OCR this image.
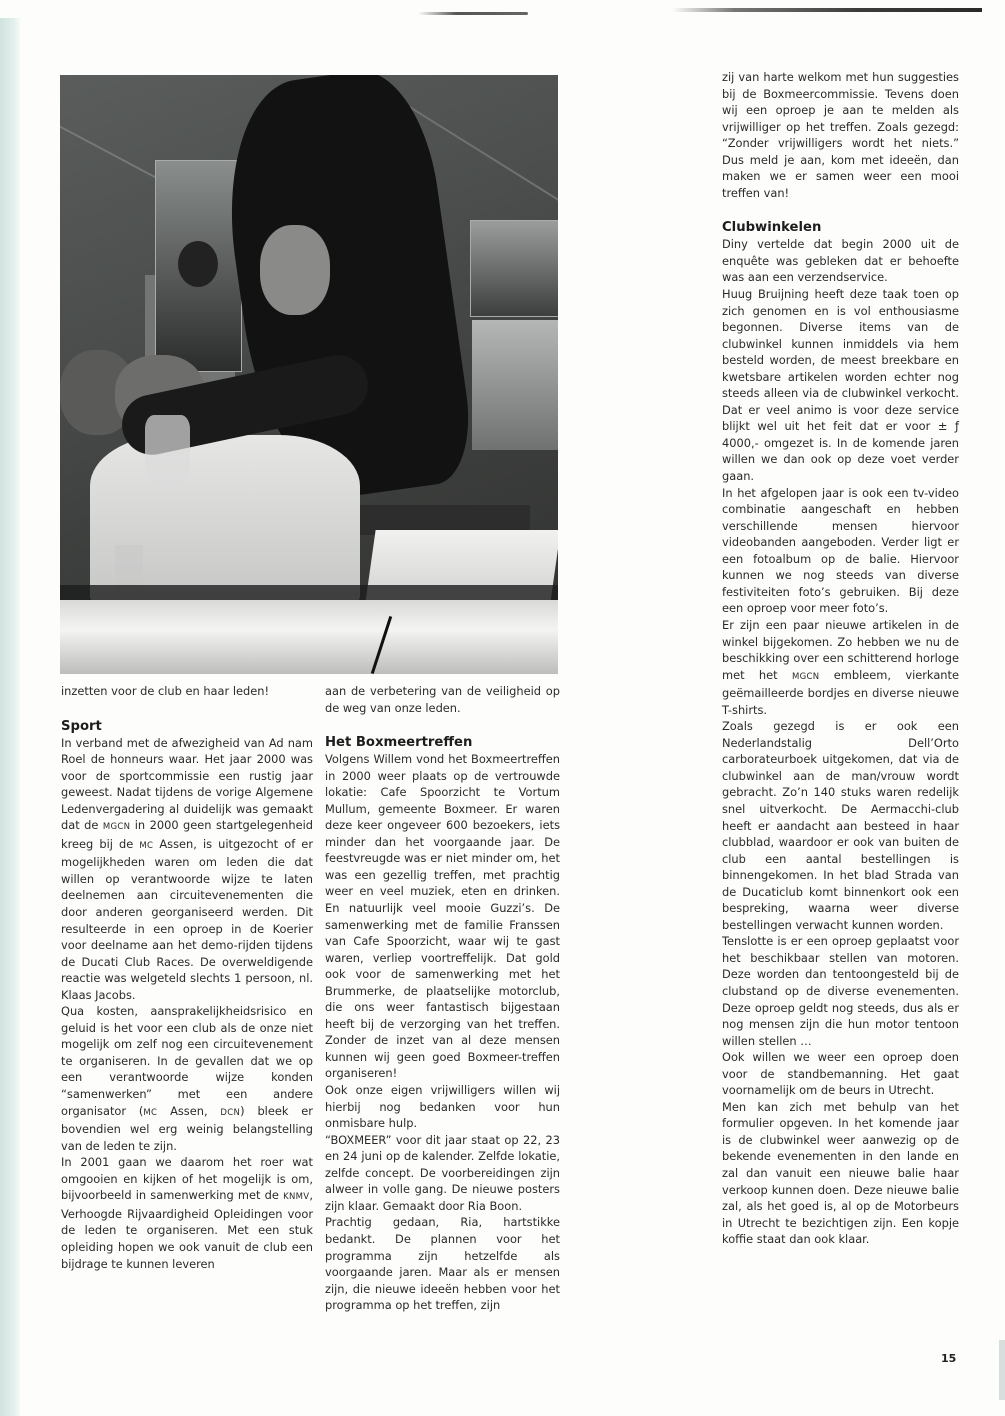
inzetten voor de club en haar leden!

Sport

In verband met de afwezigheid van Ad nam Roel de honneurs waar. Het jaar 2000 was voor de sportcommissie een rustig jaar geweest. Nadat tijdens de vorige Algemene Ledenvergadering al duidelijk was gemaakt dat de MGCN in 2000 geen startgelegenheid kreeg bij de MC Assen, is uitgezocht of er mogelijkheden waren om leden die dat willen op verantwoorde wijze te laten deelnemen aan circuitevenementen die door anderen georganiseerd werden. Dit resulteerde in een oproep in de Koerier voor deelname aan het demo-rijden tijdens de Ducati Club Races. De overweldigende reactie was welgeteld slechts 1 persoon, nl. Klaas Jacobs.

Qua kosten, aansprakelijkheidsrisico en geluid is het voor een club als de onze niet mogelijk om zelf nog een circuitevenement te organiseren. In de gevallen dat we op een verantwoorde wijze konden “samenwerken” met een andere organisator (MC Assen, DCN) bleek er bovendien wel erg weinig belangstelling van de leden te zijn.

In 2001 gaan we daarom het roer wat omgooien en kijken of het mogelijk is om, bijvoorbeeld in samenwerking met de KNMV, Verhoogde Rijvaardigheid Opleidingen voor de leden te organiseren. Met een stuk opleiding hopen we ook vanuit de club een bijdrage te kunnen leveren

aan de verbetering van de veiligheid op de weg van onze leden.

Het Boxmeertreffen

Volgens Willem vond het Boxmeertreffen in 2000 weer plaats op de vertrouwde lokatie: Cafe Spoorzicht te Vortum Mullum, gemeente Boxmeer. Er waren deze keer ongeveer 600 bezoekers, iets minder dan het voorgaande jaar. De feestvreugde was er niet minder om, het was een gezellig treffen, met prachtig weer en veel muziek, eten en drinken. En natuurlijk veel mooie Guzzi’s. De samenwerking met de familie Franssen van Cafe Spoorzicht, waar wij te gast waren, verliep voortreffelijk. Dat gold ook voor de samenwerking met het Brummerke, de plaatselijke motorclub, die ons weer fantastisch bijgestaan heeft bij de verzorging van het treffen. Zonder de inzet van al deze mensen kunnen wij geen goed Boxmeer-treffen organiseren!

Ook onze eigen vrijwilligers willen wij hierbij nog bedanken voor hun onmisbare hulp.

“BOXMEER” voor dit jaar staat op 22, 23 en 24 juni op de kalender. Zelfde lokatie, zelfde concept. De voorbereidingen zijn alweer in volle gang. De nieuwe posters zijn klaar. Gemaakt door Ria Boon.

Prachtig gedaan, Ria, hartstikke bedankt. De plannen voor het programma zijn hetzelfde als voorgaande jaren. Maar als er mensen zijn, die nieuwe ideeën hebben voor het programma op het treffen, zijn

zij van harte welkom met hun suggesties bij de Boxmeercommissie. Tevens doen wij een oproep je aan te melden als vrijwilliger op het treffen. Zoals gezegd: “Zonder vrijwilligers wordt het niets.” Dus meld je aan, kom met ideeën, dan maken we er samen weer een mooi treffen van!

Clubwinkelen

Diny vertelde dat begin 2000 uit de enquête was gebleken dat er behoefte was aan een verzendservice.

Huug Bruijning heeft deze taak toen op zich genomen en is vol enthousiasme begonnen. Diverse items van de clubwinkel kunnen inmiddels via hem besteld worden, de meest breekbare en kwetsbare artikelen worden echter nog steeds alleen via de clubwinkel verkocht. Dat er veel animo is voor deze service blijkt wel uit het feit dat er voor ± ƒ 4000,- omgezet is. In de komende jaren willen we dan ook op deze voet verder gaan.

In het afgelopen jaar is ook een tv-video combinatie aangeschaft en hebben verschillende mensen hiervoor videobanden aangeboden. Verder ligt er een fotoalbum op de balie. Hiervoor kunnen we nog steeds van diverse festiviteiten foto’s gebruiken. Bij deze een oproep voor meer foto’s.

Er zijn een paar nieuwe artikelen in de winkel bijgekomen. Zo hebben we nu de beschikking over een schitterend horloge met het MGCN embleem, vierkante geëmailleerde bordjes en diverse nieuwe T-shirts.

Zoals gezegd is er ook een Nederlandstalig Dell’Orto carborateurboek uitgekomen, dat via de clubwinkel aan de man/vrouw wordt gebracht. Zo’n 140 stuks waren redelijk snel uitverkocht. De Aermacchi-club heeft er aandacht aan besteed in haar clubblad, waardoor er ook van buiten de club een aantal bestellingen is binnengekomen. In het blad Strada van de Ducaticlub komt binnenkort ook een bespreking, waarna weer diverse bestellingen verwacht kunnen worden.

Tenslotte is er een oproep geplaatst voor het beschikbaar stellen van motoren. Deze worden dan tentoongesteld bij de clubstand op de diverse evenementen. Deze oproep geldt nog steeds, dus als er nog mensen zijn die hun motor tentoon willen stellen …

Ook willen we weer een oproep doen voor de standbemanning. Het gaat voornamelijk om de beurs in Utrecht.

Men kan zich met behulp van het formulier opgeven. In het komende jaar is de clubwinkel weer aanwezig op de bekende evenementen in den lande en zal dan vanuit een nieuwe balie haar verkoop kunnen doen. Deze nieuwe balie zal, als het goed is, al op de Motorbeurs in Utrecht te bezichtigen zijn. Een kopje koffie staat dan ook klaar.

15
